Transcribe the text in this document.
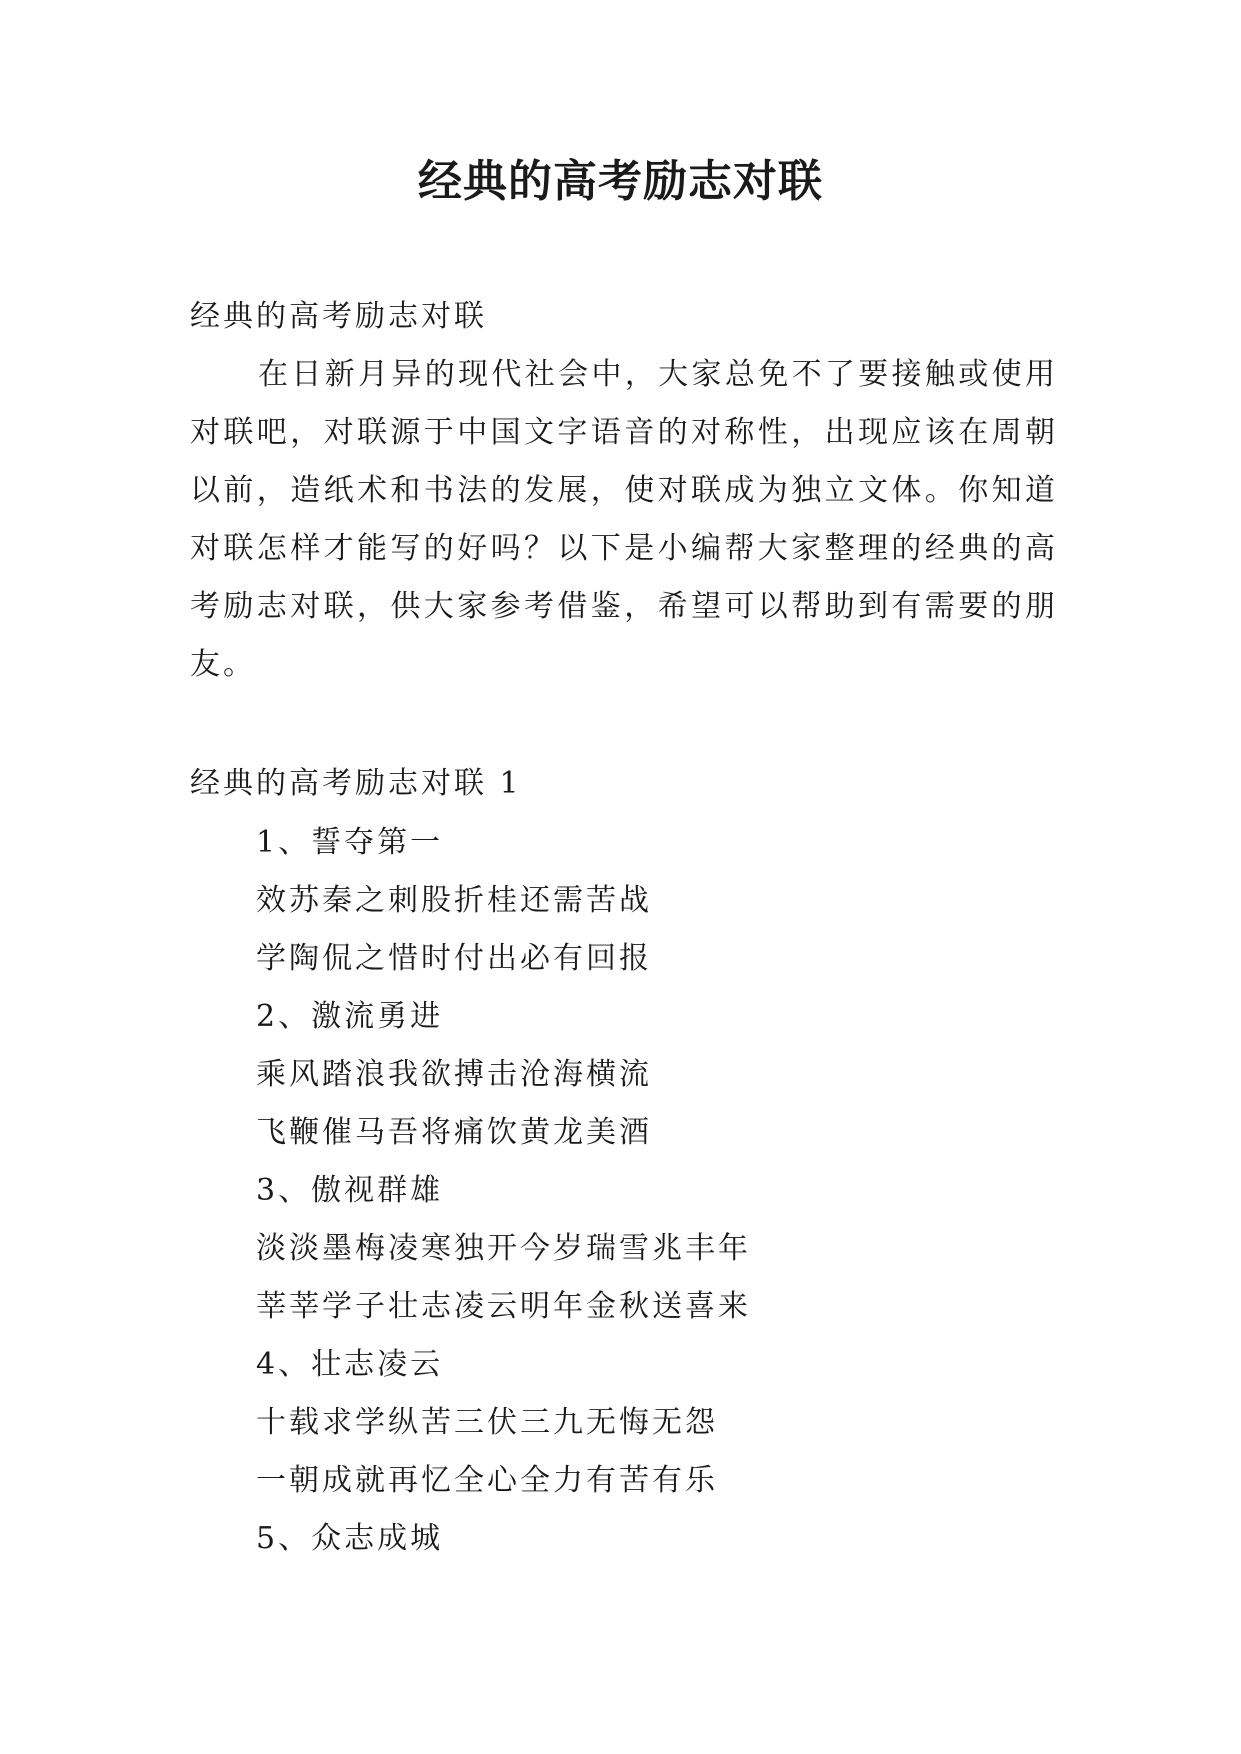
经典的高考励志对联
经典的高考励志对联
在日新月异的现代社会中，大家总免不了要接触或使用对联吧，对联源于中国文字语音的对称性，出现应该在周朝以前，造纸术和书法的发展，使对联成为独立文体。你知道对联怎样才能写的好吗？以下是小编帮大家整理的经典的高考励志对联，供大家参考借鉴，希望可以帮助到有需要的朋友。
经典的高考励志对联 1

1、誓夺第一

效苏秦之刺股折桂还需苦战

学陶侃之惜时付出必有回报

2、激流勇进

乘风踏浪我欲搏击沧海横流

飞鞭催马吾将痛饮黄龙美酒

3、傲视群雄

淡淡墨梅凌寒独开今岁瑞雪兆丰年

莘莘学子壮志凌云明年金秋送喜来

4、壮志凌云

十载求学纵苦三伏三九无悔无怨

一朝成就再忆全心全力有苦有乐

5、众志成城
